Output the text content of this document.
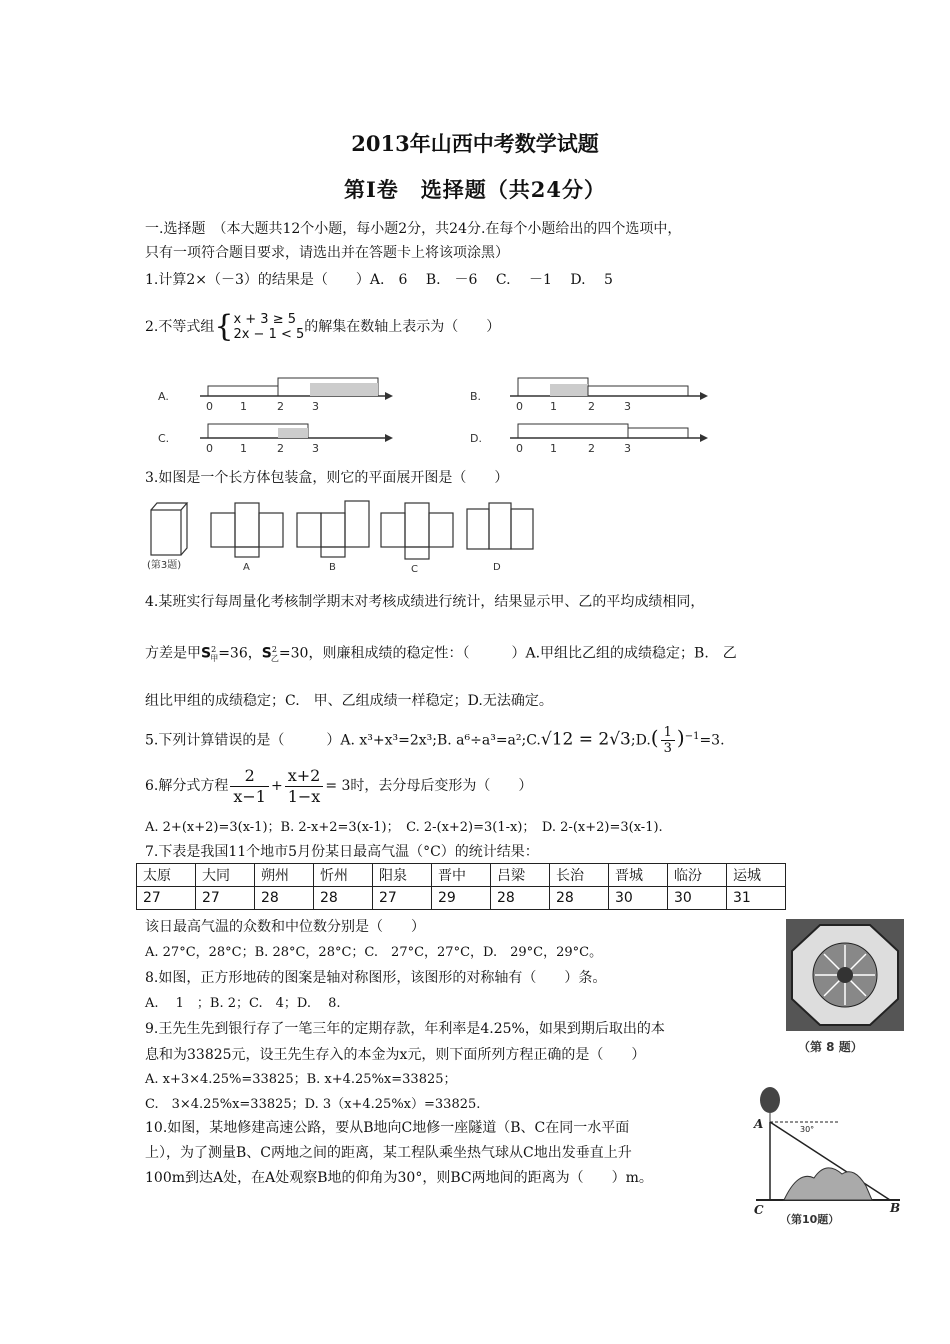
2013年山西中考数学试题
第Ⅰ卷　选择题（共24分）
一.选择题　（本大题共12个小题，每小题2分，共24分.在每个小题给出的四个选项中，
只有一项符合题目要求，请选出并在答题卡上将该项涂黑）
1.计算2×（－3）的结果是（　　）A.　6　 B.　－6　 C.　 －1　 D.　 5
2.不等式组{ x + 3 ≥ 5
2x − 1 < 5 的解集在数轴上表示为（　　）
A.
0 1	2	3
B.
0 1	2	3
C.
0 1	2	3
D.
0 1	2	3
3.如图是一个长方体包装盒，则它的平面展开图是（　　）
(第3题)	A	B	C	D
4.某班实行每周量化考核制学期末对考核成绩进行统计，结果显示甲、乙的平均成绩相同，
方差是甲$S^2_甲=36$，$S^2_乙=30$，则廉租成绩的稳定性：（　　　）A.甲组比乙组的成绩稳定；B.　乙
组比甲组的成绩稳定；C.　甲、乙组成绩一样稳定；D.无法确定。
5.下列计算错误的是（　　　）A. x³+x³=2x³;B. a⁶÷a³=a²;C.√12 = 2√3;D.( $\frac{1}{3} )^{-1}=3$.
6.解分式方程 $\frac{2}{x-1} + \frac{x+2}{1-x} = 3$时，去分母后变形为（　　）
A. 2+(x+2)=3(x-1)；B. 2-x+2=3(x-1)；　C. 2-(x+2)=3(1-x)；　D. 2-(x+2)=3(x-1).
7.下表是我国11个地市5月份某日最高气温（°C）的统计结果：
太原	大同	朔州	忻州	阳泉	晋中	吕梁	长治	晋城	临汾	运城
27	27	28	28	27	29	28	28	30	30	31
该日最高气温的众数和中位数分别是（　　）
A. 27°C，28°C；B. 28°C，28°C；C.　27°C，27°C，D.　29°C，29°C。
（第 8 题）
8.如图，正方形地砖的图案是轴对称图形，该图形的对称轴有（　　）条。
A.　 1　；B. 2；C.　4；D.　 8.
9.王先生先到银行存了一笔三年的定期存款，年利率是4.25%，如果到期后取出的本
息和为33825元，设王先生存入的本金为x元，则下面所列方程正确的是（　　）
A. x+3×4.25%=33825；B. x+4.25%x=33825；
C.　3×4.25%x=33825；D. 3（x+4.25%x）=33825.
10.如图，某地修建高速公路，要从B地向C地修一座隧道（B、C在同一水平面
上），为了测量B、C两地之间的距离，某工程队乘坐热气球从C地出发垂直上升
100m到达A处，在A处观察B地的仰角为30°，则BC两地间的距离为（　　）m。
A
C	B
30°
（第10题）
